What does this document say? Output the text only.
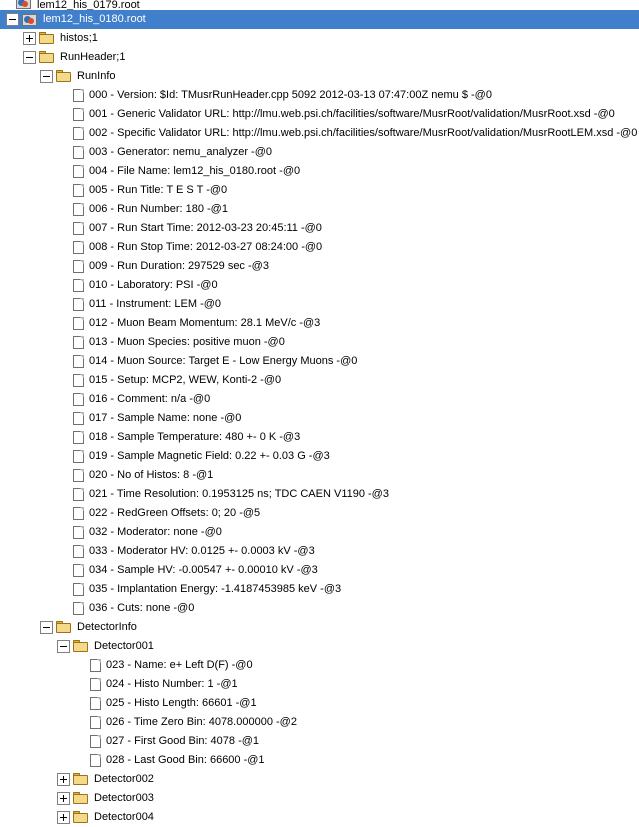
lem12_his_0179.root
lem12_his_0180.root
histos;1
RunHeader;1
RunInfo
000 - Version: $Id: TMusrRunHeader.cpp 5092 2012-03-13 07:47:00Z nemu $ -@0
001 - Generic Validator URL: http://lmu.web.psi.ch/facilities/software/MusrRoot/validation/MusrRoot.xsd -@0
002 - Specific Validator URL: http://lmu.web.psi.ch/facilities/software/MusrRoot/validation/MusrRootLEM.xsd -@0
003 - Generator: nemu_analyzer -@0
004 - File Name: lem12_his_0180.root -@0
005 - Run Title: T E S T -@0
006 - Run Number: 180 -@1
007 - Run Start Time: 2012-03-23 20:45:11 -@0
008 - Run Stop Time: 2012-03-27 08:24:00 -@0
009 - Run Duration: 297529 sec -@3
010 - Laboratory: PSI -@0
011 - Instrument: LEM -@0
012 - Muon Beam Momentum: 28.1 MeV/c -@3
013 - Muon Species: positive muon -@0
014 - Muon Source: Target E - Low Energy Muons -@0
015 - Setup: MCP2, WEW, Konti-2 -@0
016 - Comment: n/a -@0
017 - Sample Name: none -@0
018 - Sample Temperature: 480 +- 0 K -@3
019 - Sample Magnetic Field: 0.22 +- 0.03 G -@3
020 - No of Histos: 8 -@1
021 - Time Resolution: 0.1953125 ns; TDC CAEN V1190 -@3
022 - RedGreen Offsets: 0; 20 -@5
032 - Moderator: none -@0
033 - Moderator HV: 0.0125 +- 0.0003 kV -@3
034 - Sample HV: -0.00547 +- 0.00010 kV -@3
035 - Implantation Energy: -1.4187453985 keV -@3
036 - Cuts: none -@0
DetectorInfo
Detector001
023 - Name: e+ Left D(F) -@0
024 - Histo Number: 1 -@1
025 - Histo Length: 66601 -@1
026 - Time Zero Bin: 4078.000000 -@2
027 - First Good Bin: 4078 -@1
028 - Last Good Bin: 66600 -@1
Detector002
Detector003
Detector004
